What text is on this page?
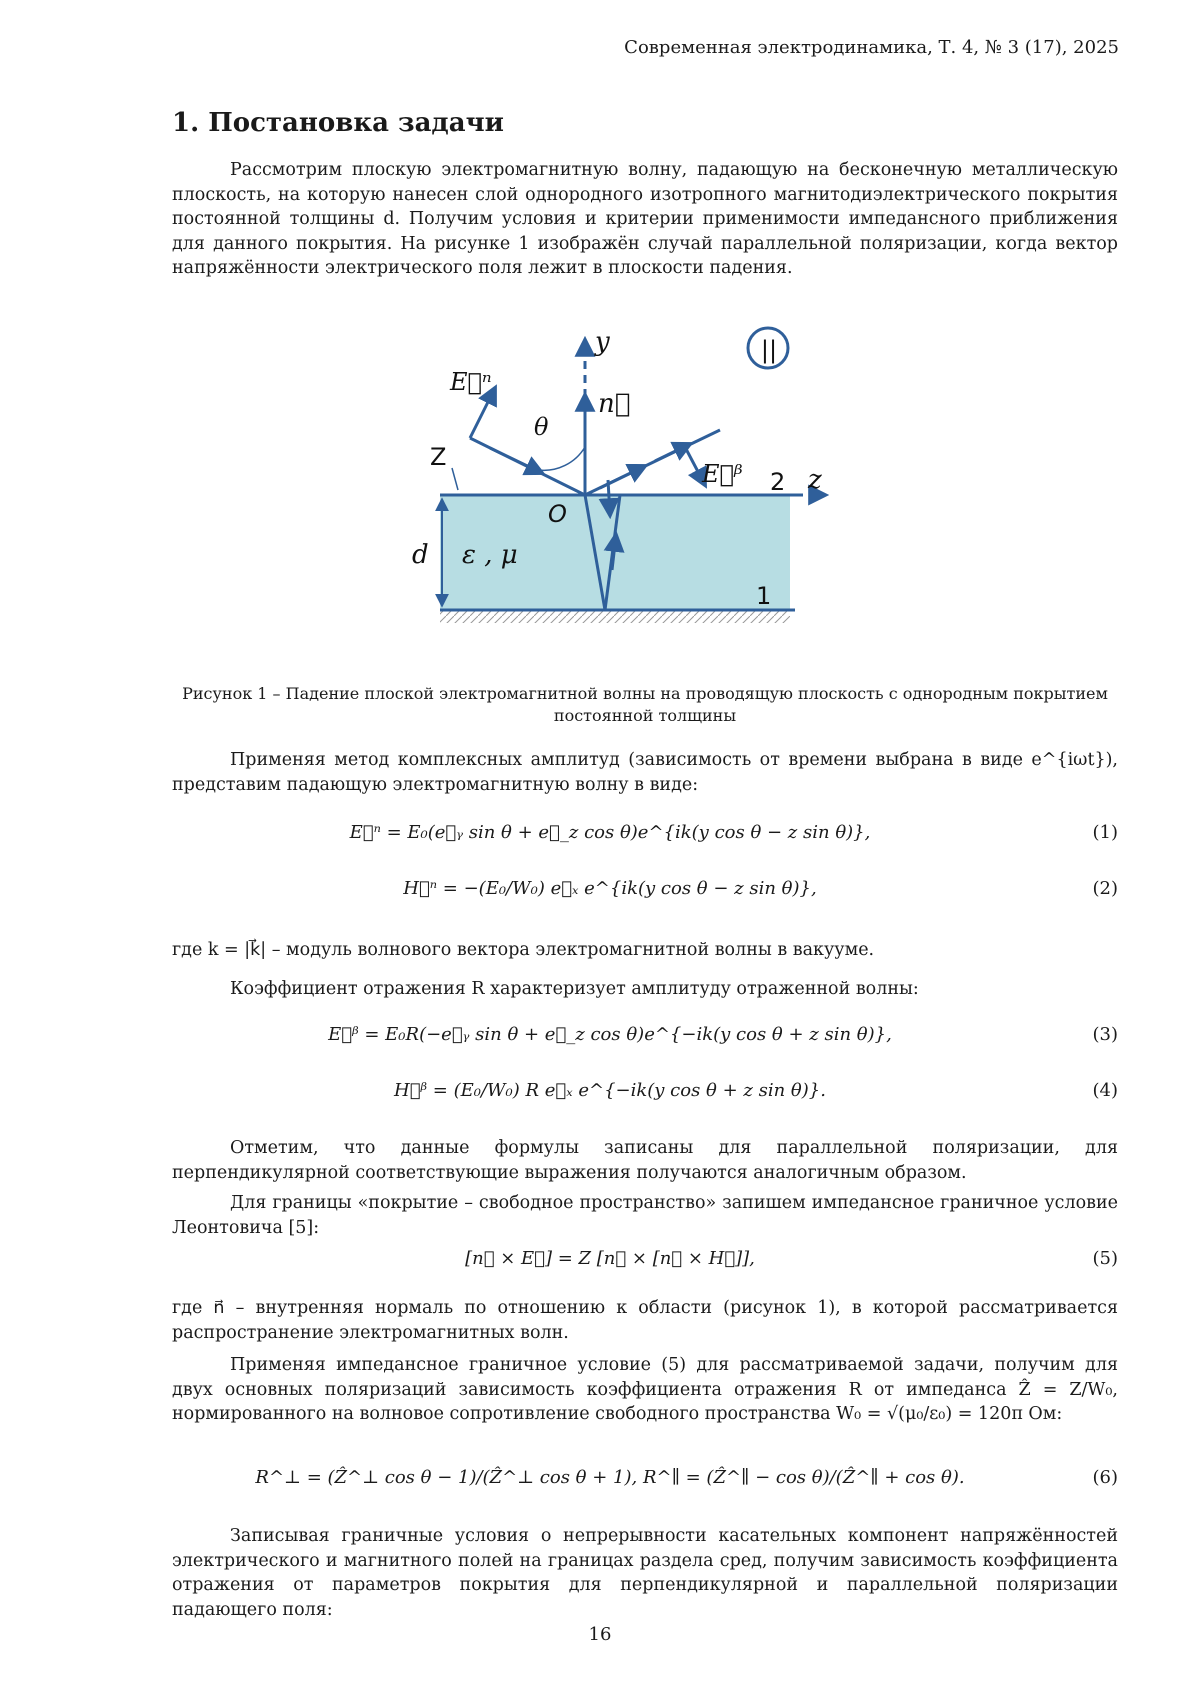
Современная электродинамика, Т. 4, № 3 (17), 2025
1. Постановка задачи
Рассмотрим плоскую электромагнитную волну, падающую на бесконечную металлическую плоскость, на которую нанесен слой однородного изотропного магнитодиэлектрического покрытия постоянной толщины d. Получим условия и критерии применимости импедансного приближения для данного покрытия. На рисунке 1 изображён случай параллельной поляризации, когда вектор напряжённости электрического поля лежит в плоскости падения.
||
y
n⃗
θ
E⃗ⁿ
E⃗ᵝ
Z
O
2 z
d ε , μ
1
Рисунок 1 – Падение плоской электромагнитной волны на проводящую плоскость с однородным покрытием постоянной толщины
Применяя метод комплексных амплитуд (зависимость от времени выбрана в виде e^{iωt}), представим падающую электромагнитную волну в виде:
E⃗ⁿ = E₀(e⃗ᵧ sin θ + e⃗_z cos θ)e^{ik(y cos θ − z sin θ)},	(1)
H⃗ⁿ = −(E₀/W₀) e⃗ₓ e^{ik(y cos θ − z sin θ)},	(2)
где k = |k⃗| – модуль волнового вектора электромагнитной волны в вакууме.
Коэффициент отражения R характеризует амплитуду отраженной волны:
E⃗ᵝ = E₀R(−e⃗ᵧ sin θ + e⃗_z cos θ)e^{−ik(y cos θ + z sin θ)},	(3)
H⃗ᵝ = (E₀/W₀) R e⃗ₓ e^{−ik(y cos θ + z sin θ)}.	(4)
Отметим, что данные формулы записаны для параллельной поляризации, для перпендикулярной соответствующие выражения получаются аналогичным образом.
Для границы «покрытие – свободное пространство» запишем импедансное граничное условие Леонтовича [5]:
[n⃗ × E⃗] = Z [n⃗ × [n⃗ × H⃗]],	(5)
где n⃗ – внутренняя нормаль по отношению к области (рисунок 1), в которой рассматривается распространение электромагнитных волн.
Применяя импедансное граничное условие (5) для рассматриваемой задачи, получим для двух основных поляризаций зависимость коэффициента отражения R от импеданса Ẑ = Z/W₀, нормированного на волновое сопротивление свободного пространства W₀ = √(μ₀/ε₀) = 120π Ом:
R^⊥ = (Ẑ^⊥ cos θ − 1)/(Ẑ^⊥ cos θ + 1), R^∥ = (Ẑ^∥ − cos θ)/(Ẑ^∥ + cos θ).	(6)
Записывая граничные условия о непрерывности касательных компонент напряжённостей электрического и магнитного полей на границах раздела сред, получим зависимость коэффициента отражения от параметров покрытия для перпендикулярной и параллельной поляризации падающего поля:
16
